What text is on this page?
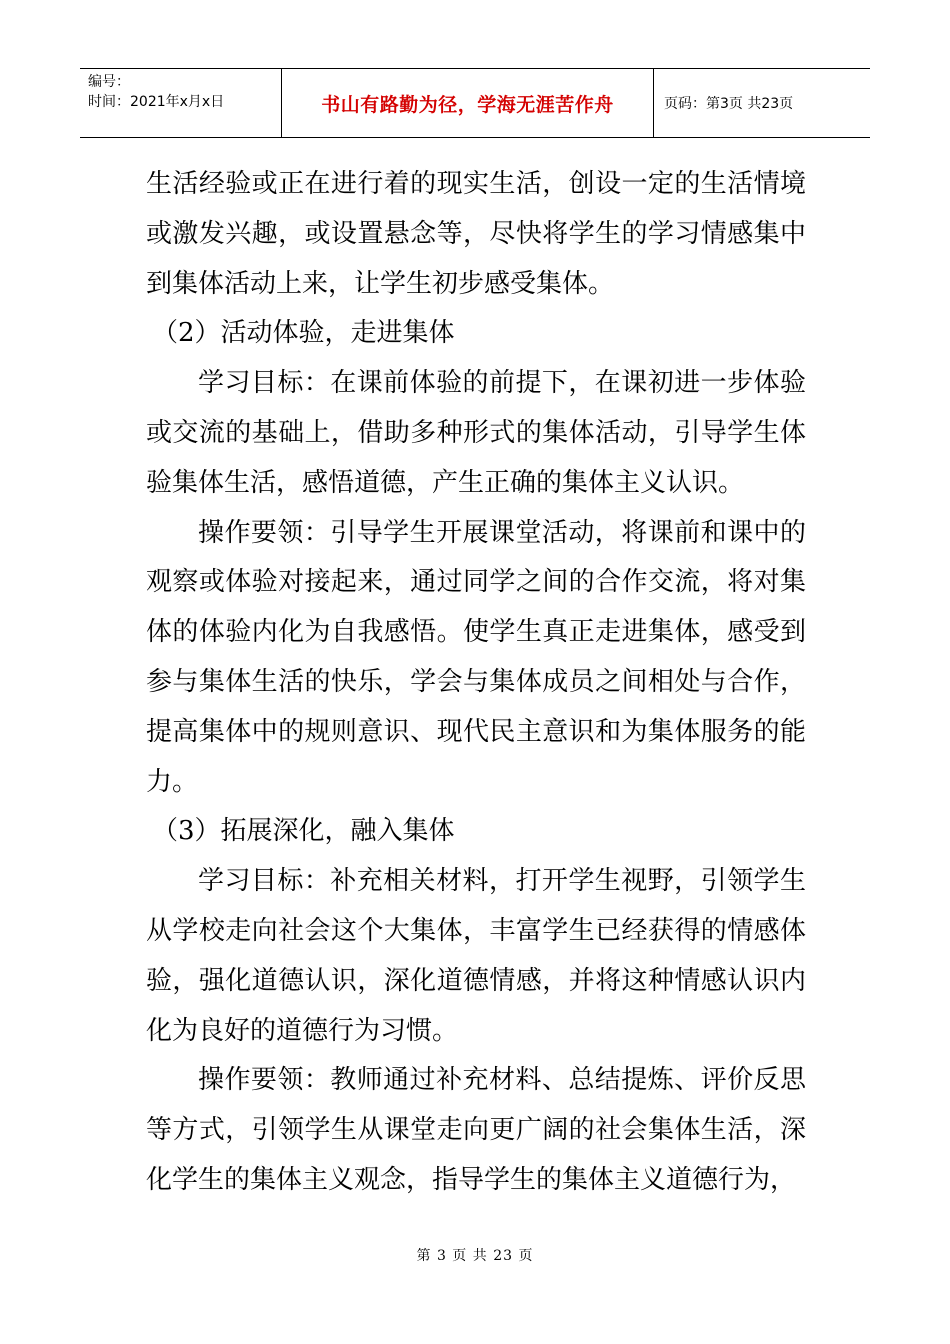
编号：
时间：2021年x月x日	书山有路勤为径，学海无涯苦作舟	页码：第3页 共23页

生活经验或正在进行着的现实生活，创设一定的生活情境或激发兴趣，或设置悬念等，尽快将学生的学习情感集中到集体活动上来，让学生初步感受集体。

（2）活动体验，走进集体

学习目标：在课前体验的前提下，在课初进一步体验或交流的基础上，借助多种形式的集体活动，引导学生体验集体生活，感悟道德，产生正确的集体主义认识。

操作要领：引导学生开展课堂活动，将课前和课中的观察或体验对接起来，通过同学之间的合作交流，将对集体的体验内化为自我感悟。使学生真正走进集体，感受到参与集体生活的快乐，学会与集体成员之间相处与合作，提高集体中的规则意识、现代民主意识和为集体服务的能力。

（3）拓展深化，融入集体

学习目标：补充相关材料，打开学生视野，引领学生从学校走向社会这个大集体，丰富学生已经获得的情感体验，强化道德认识，深化道德情感，并将这种情感认识内化为良好的道德行为习惯。

操作要领：教师通过补充材料、总结提炼、评价反思等方式，引领学生从课堂走向更广阔的社会集体生活，深化学生的集体主义观念，指导学生的集体主义道德行为，

第 3 页 共 23 页
